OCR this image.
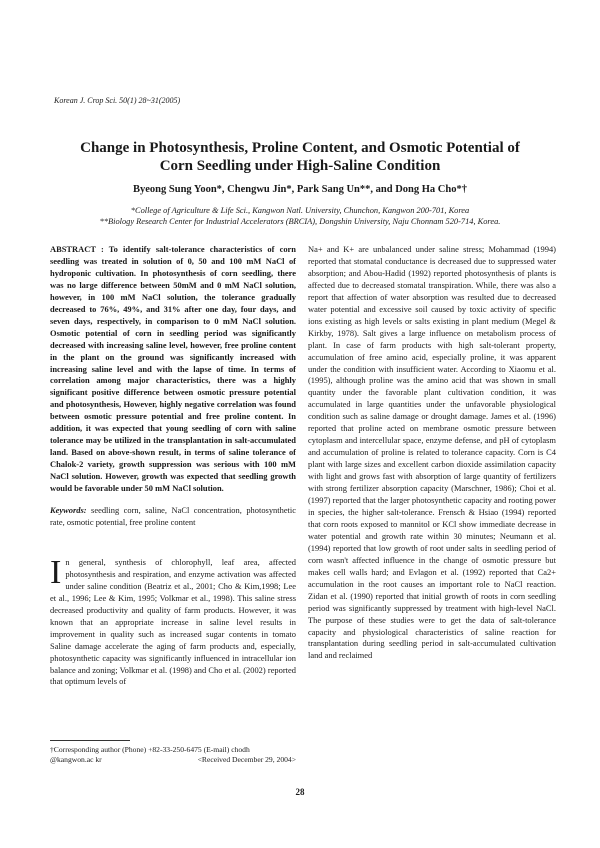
Korean J. Crop Sci. 50(1) 28~31(2005)
Change in Photosynthesis, Proline Content, and Osmotic Potential of
Corn Seedling under High-Saline Condition
Byeong Sung Yoon*, Chengwu Jin*, Park Sang Un**, and Dong Ha Cho*†
*College of Agriculture & Life Sci., Kangwon Natl. University, Chunchon, Kangwon 200-701, Korea
**Biology Research Center for Industrial Accelerators (BRCIA), Dongshin University, Naju Chonnam 520-714, Korea.

ABSTRACT : To identify salt-tolerance characteristics of corn seedling was treated in solution of 0, 50 and 100 mM NaCl of hydroponic cultivation. In photosynthesis of corn seedling, there was no large difference between 50mM and 0 mM NaCl solution, however, in 100 mM NaCl solution, the tolerance gradually decreased to 76%, 49%, and 31% after one day, four days, and seven days, respectively, in comparison to 0 mM NaCl solution. Osmotic potential of corn in seedling period was significantly decreased with increasing saline level, however, free proline content in the plant on the ground was significantly increased with increasing saline level and with the lapse of time. In terms of correlation among major characteristics, there was a highly significant positive difference between osmotic pressure potential and photosynthesis, However, highly negative correlation was found between osmotic pressure potential and free proline content. In addition, it was expected that young seedling of corn with saline tolerance may be utilized in the transplantation in salt-accumulated land. Based on above-shown result, in terms of saline tolerance of Chalok-2 variety, growth suppression was serious with 100 mM NaCl solution. However, growth was expected that seedling growth would be favorable under 50 mM NaCl solution.

Keywords: seedling corn, saline, NaCl concentration, photosynthetic rate, osmotic potential, free proline content

I n general, synthesis of chlorophyll, leaf area, affected photosynthesis and respiration, and enzyme activation was affected under saline condition (Beatriz et al., 2001; Cho & Kim,1998; Lee et al., 1996; Lee & Kim, 1995; Volkmar et al., 1998). This saline stress decreased productivity and quality of farm products. However, it was known that an appropriate increase in saline level results in improvement in quality such as increased sugar contents in tomato Saline damage accelerate the aging of farm products and, especially, photosynthetic capacity was significantly influenced in intracellular ion balance and zoning; Volkmar et al. (1998) and Cho et al. (2002) reported that optimum levels of

Na+ and K+ are unbalanced under saline stress; Mohammad (1994) reported that stomatal conductance is decreased due to suppressed water absorption; and Abou-Hadid (1992) reported photosynthesis of plants is affected due to decreased stomatal transpiration. While, there was also a report that affection of water absorption was resulted due to decreased water potential and excessive soil caused by toxic activity of specific ions existing as high levels or salts existing in plant medium (Megel & Kirkby, 1978). Salt gives a large influence on metabolism process of plant. In case of farm products with high salt-tolerant property, accumulation of free amino acid, especially proline, it was apparent under the condition with insufficient water. According to Xiaomu et al. (1995), although proline was the amino acid that was shown in small quantity under the favorable plant cultivation condition, it was accumulated in large quantities under the unfavorable physiological condition such as saline damage or drought damage. James et al. (1996) reported that proline acted on membrane osmotic pressure between cytoplasm and intercellular space, enzyme defense, and pH of cytoplasm and accumulation of proline is related to tolerance capacity. Corn is C4 plant with large sizes and excellent carbon dioxide assimilation capacity with light and grows fast with absorption of large quantity of fertilizers with strong fertilizer absorption capacity (Marschner, 1986); Choi et al. (1997) reported that the larger photosynthetic capacity and rooting power in species, the higher salt-tolerance. Frensch & Hsiao (1994) reported that corn roots exposed to mannitol or KCl show immediate decrease in water potential and growth rate within 30 minutes; Neumann et al. (1994) reported that low growth of root under salts in seedling period of corn wasn't affected influence in the change of osmotic pressure but makes cell walls hard; and Evlagon et al. (1992) reported that Ca2+ accumulation in the root causes an important role to NaCl reaction. Zidan et al. (1990) reported that initial growth of roots in corn seedling period was significantly suppressed by treatment with high-level NaCl. The purpose of these studies were to get the data of salt-tolerance capacity and physiological characteristics of saline reaction for transplantation during seedling period in salt-accumulated cultivation land and reclaimed

†Corresponding author (Phone) +82-33-250-6475 (E-mail) chodh
@kangwon.ac kr	<Received December 29, 2004>
28
